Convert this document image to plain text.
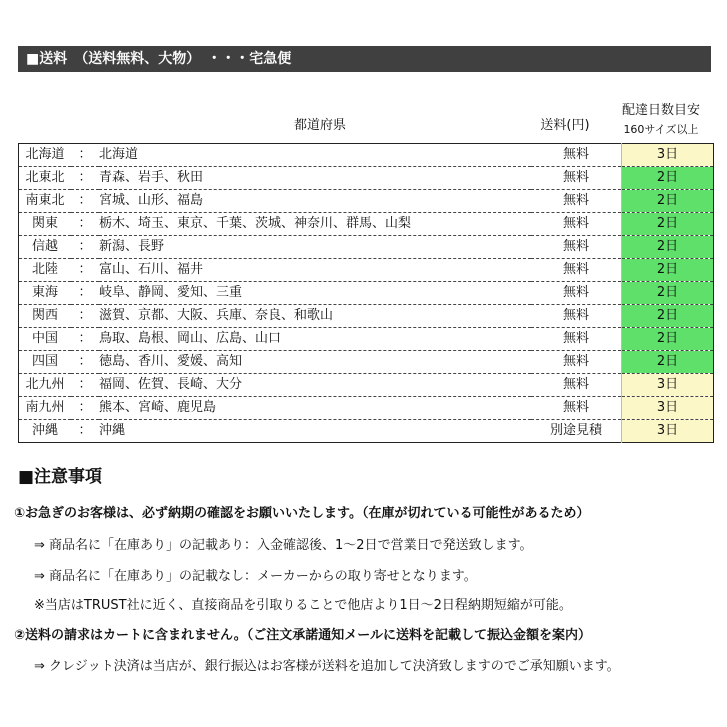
■送料　（送料無料、大物）　・・・宅急便
都道府県	送料(円)
配達日数目安
160サイズ以上
北海道	：	北海道	無料	3日
北東北	：	青森、岩手、秋田	無料	2日
南東北	：	宮城、山形、福島	無料	2日
関東	：	栃木、埼玉、東京、千葉、茨城、神奈川、群馬、山梨	無料	2日
信越	：	新潟、長野	無料	2日
北陸	：	富山、石川、福井	無料	2日
東海	：	岐阜、静岡、愛知、三重	無料	2日
関西	：	滋賀、京都、大阪、兵庫、奈良、和歌山	無料	2日
中国	：	鳥取、島根、岡山、広島、山口	無料	2日
四国	：	徳島、香川、愛媛、高知	無料	2日
北九州	：	福岡、佐賀、長崎、大分	無料	3日
南九州	：	熊本、宮崎、鹿児島	無料	3日
沖縄	：	沖縄	別途見積	3日
■注意事項
①お急ぎのお客様は、必ず納期の確認をお願いいたします。（在庫が切れている可能性があるため）
⇒ 商品名に「在庫あり」の記載あり：入金確認後、1～2日で営業日で発送致します。
⇒ 商品名に「在庫あり」の記載なし：メーカーからの取り寄せとなります。
※当店はTRUST社に近く、直接商品を引取りることで他店より1日～2日程納期短縮が可能。
②送料の請求はカートに含まれません。（ご注文承諾通知メールに送料を記載して振込金額を案内）
⇒ クレジット決済は当店が、銀行振込はお客様が送料を追加して決済致しますのでご承知願います。
